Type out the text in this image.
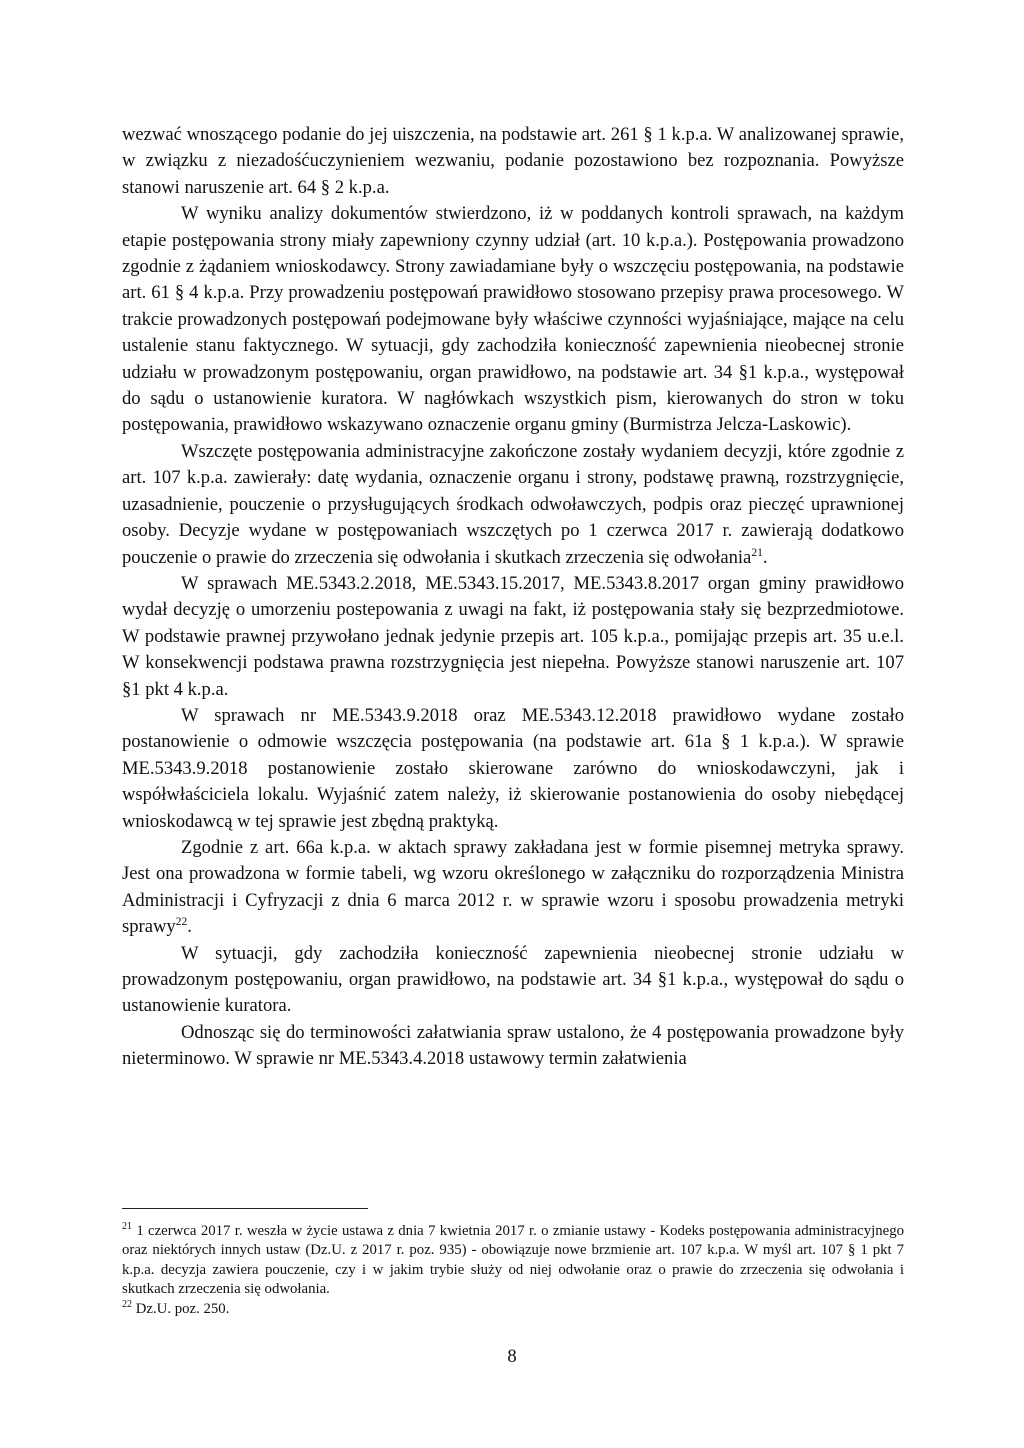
wezwać wnoszącego podanie do jej uiszczenia, na podstawie art. 261 § 1 k.p.a. W analizowanej sprawie, w związku z niezadośćuczynieniem wezwaniu, podanie pozostawiono bez rozpoznania. Powyższe stanowi naruszenie art. 64 § 2 k.p.a.

W wyniku analizy dokumentów stwierdzono, iż w poddanych kontroli sprawach, na każdym etapie postępowania strony miały zapewniony czynny udział (art. 10 k.p.a.). Postępowania prowadzono zgodnie z żądaniem wnioskodawcy. Strony zawiadamiane były o wszczęciu postępowania, na podstawie art. 61 § 4 k.p.a. Przy prowadzeniu postępowań prawidłowo stosowano przepisy prawa procesowego. W trakcie prowadzonych postępowań podejmowane były właściwe czynności wyjaśniające, mające na celu ustalenie stanu faktycznego. W sytuacji, gdy zachodziła konieczność zapewnienia nieobecnej stronie udziału w prowadzonym postępowaniu, organ prawidłowo, na podstawie art. 34 §1 k.p.a., występował do sądu o ustanowienie kuratora. W nagłówkach wszystkich pism, kierowanych do stron w toku postępowania, prawidłowo wskazywano oznaczenie organu gminy (Burmistrza Jelcza-Laskowic).

Wszczęte postępowania administracyjne zakończone zostały wydaniem decyzji, które zgodnie z art. 107 k.p.a. zawierały: datę wydania, oznaczenie organu i strony, podstawę prawną, rozstrzygnięcie, uzasadnienie, pouczenie o przysługujących środkach odwoławczych, podpis oraz pieczęć uprawnionej osoby. Decyzje wydane w postępowaniach wszczętych po 1 czerwca 2017 r. zawierają dodatkowo pouczenie o prawie do zrzeczenia się odwołania i skutkach zrzeczenia się odwołania$^{21}$.

W sprawach ME.5343.2.2018, ME.5343.15.2017, ME.5343.8.2017 organ gminy prawidłowo wydał decyzję o umorzeniu postepowania z uwagi na fakt, iż postępowania stały się bezprzedmiotowe. W podstawie prawnej przywołano jednak jedynie przepis art. 105 k.p.a., pomijając przepis art. 35 u.e.l. W konsekwencji podstawa prawna rozstrzygnięcia jest niepełna. Powyższe stanowi naruszenie art. 107 §1 pkt 4 k.p.a.

W sprawach nr ME.5343.9.2018 oraz ME.5343.12.2018 prawidłowo wydane zostało postanowienie o odmowie wszczęcia postępowania (na podstawie art. 61a § 1 k.p.a.). W sprawie ME.5343.9.2018 postanowienie zostało skierowane zarówno do wnioskodawczyni, jak i współwłaściciela lokalu. Wyjaśnić zatem należy, iż skierowanie postanowienia do osoby niebędącej wnioskodawcą w tej sprawie jest zbędną praktyką.

Zgodnie z art. 66a k.p.a. w aktach sprawy zakładana jest w formie pisemnej metryka sprawy. Jest ona prowadzona w formie tabeli, wg wzoru określonego w załączniku do rozporządzenia Ministra Administracji i Cyfryzacji z dnia 6 marca 2012 r. w sprawie wzoru i sposobu prowadzenia metryki sprawy$^{22}$.

W sytuacji, gdy zachodziła konieczność zapewnienia nieobecnej stronie udziału w prowadzonym postępowaniu, organ prawidłowo, na podstawie art. 34 §1 k.p.a., występował do sądu o ustanowienie kuratora.

Odnosząc się do terminowości załatwiania spraw ustalono, że 4 postępowania prowadzone były nieterminowo. W sprawie nr ME.5343.4.2018 ustawowy termin załatwienia

$^{21}$ 1 czerwca 2017 r. weszła w życie ustawa z dnia 7 kwietnia 2017 r. o zmianie ustawy - Kodeks postępowania administracyjnego oraz niektórych innych ustaw (Dz.U. z 2017 r. poz. 935) - obowiązuje nowe brzmienie art. 107 k.p.a. W myśl art. 107 § 1 pkt 7 k.p.a. decyzja zawiera pouczenie, czy i w jakim trybie służy od niej odwołanie oraz o prawie do zrzeczenia się odwołania i skutkach zrzeczenia się odwołania.

$^{22}$ Dz.U. poz. 250.

8
